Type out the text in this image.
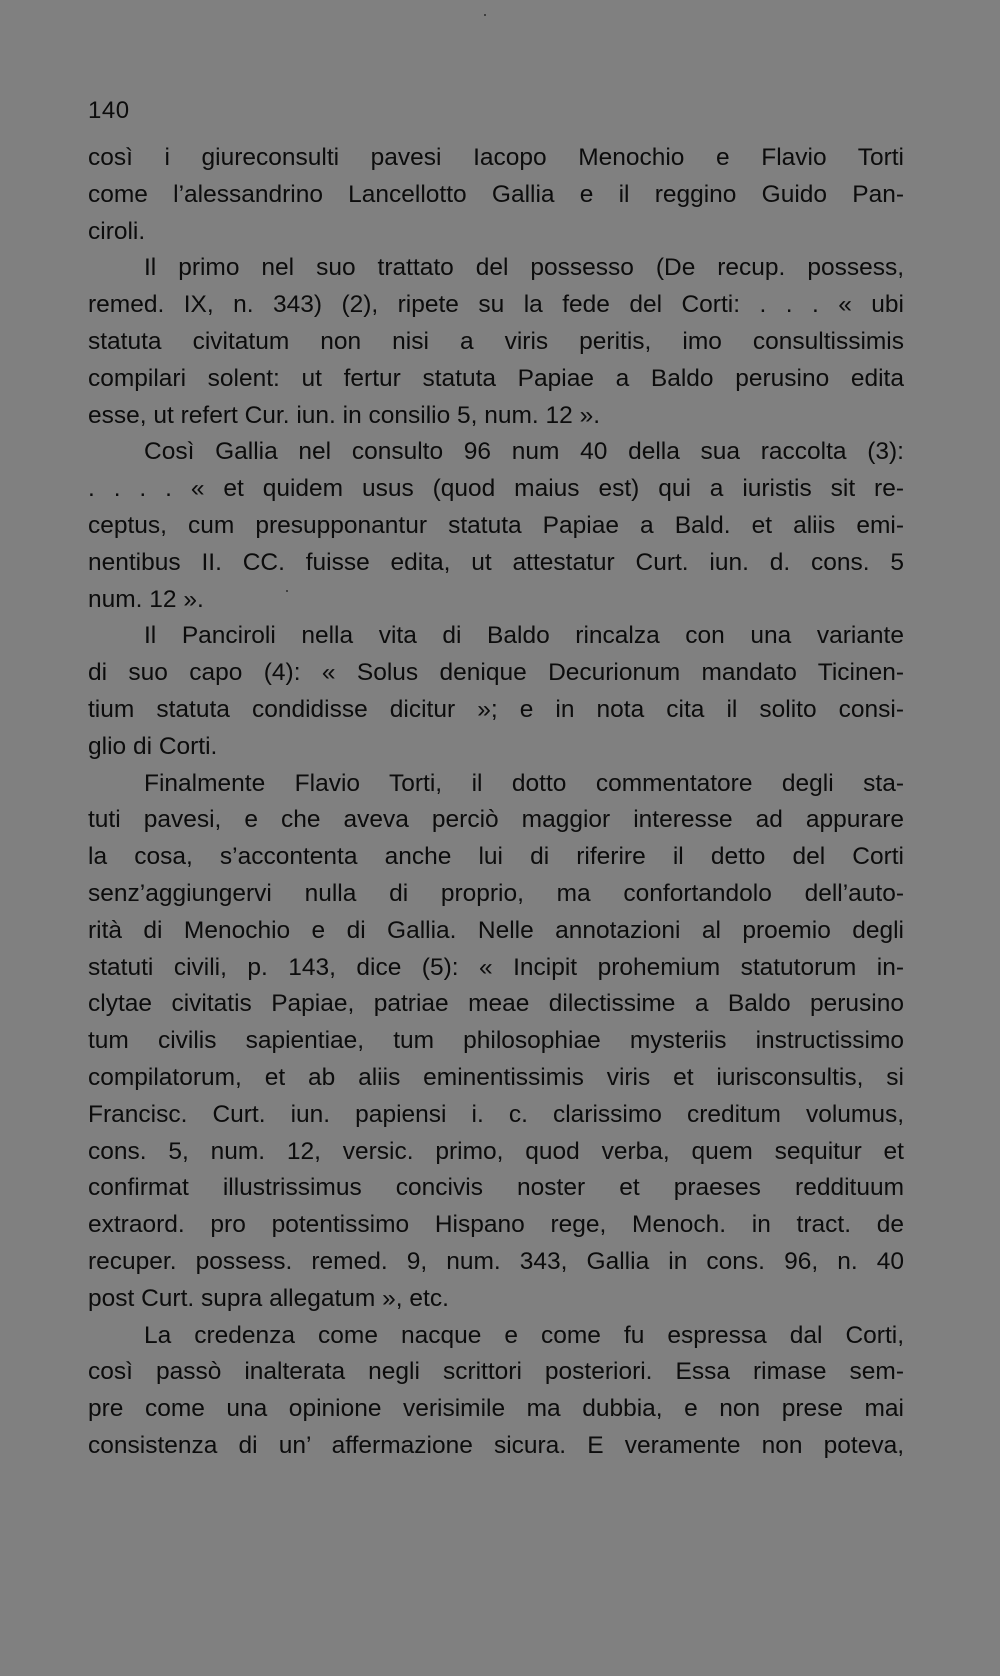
140
così i giureconsulti pavesi Iacopo Menochio e Flavio Torti
come l’alessandrino Lancellotto Gallia e il reggino Guido Pan-
ciroli.
Il primo nel suo trattato del possesso (De recup. possess,
remed. IX, n. 343) (2), ripete su la fede del Corti: . . . « ubi
statuta civitatum non nisi a viris peritis, imo consultissimis
compilari solent: ut fertur statuta Papiae a Baldo perusino edita
esse, ut refert Cur. iun. in consilio 5, num. 12 ».
Così Gallia nel consulto 96 num 40 della sua raccolta (3):
. . . . « et quidem usus (quod maius est) qui a iuristis sit re-
ceptus, cum presupponantur statuta Papiae a Bald. et aliis emi-
nentibus II. CC. fuisse edita, ut attestatur Curt. iun. d. cons. 5
num. 12 ».
Il Panciroli nella vita di Baldo rincalza con una variante
di suo capo (4): « Solus denique Decurionum mandato Ticinen-
tium statuta condidisse dicitur »; e in nota cita il solito consi-
glio di Corti.
Finalmente Flavio Torti, il dotto commentatore degli sta-
tuti pavesi, e che aveva perciò maggior interesse ad appurare
la cosa, s’accontenta anche lui di riferire il detto del Corti
senz’aggiungervi nulla di proprio, ma confortandolo dell’auto-
rità di Menochio e di Gallia. Nelle annotazioni al proemio degli
statuti civili, p. 143, dice (5): « Incipit prohemium statutorum in-
clytae civitatis Papiae, patriae meae dilectissime a Baldo perusino
tum civilis sapientiae, tum philosophiae mysteriis instructissimo
compilatorum, et ab aliis eminentissimis viris et iurisconsultis, si
Francisc. Curt. iun. papiensi i. c. clarissimo creditum volumus,
cons. 5, num. 12, versic. primo, quod verba, quem sequitur et
confirmat illustrissimus concivis noster et praeses reddituum
extraord. pro potentissimo Hispano rege, Menoch. in tract. de
recuper. possess. remed. 9, num. 343, Gallia in cons. 96, n. 40
post Curt. supra allegatum », etc.
La credenza come nacque e come fu espressa dal Corti,
così passò inalterata negli scrittori posteriori. Essa rimase sem-
pre come una opinione verisimile ma dubbia, e non prese mai
consistenza di un’ affermazione sicura. E veramente non poteva,
